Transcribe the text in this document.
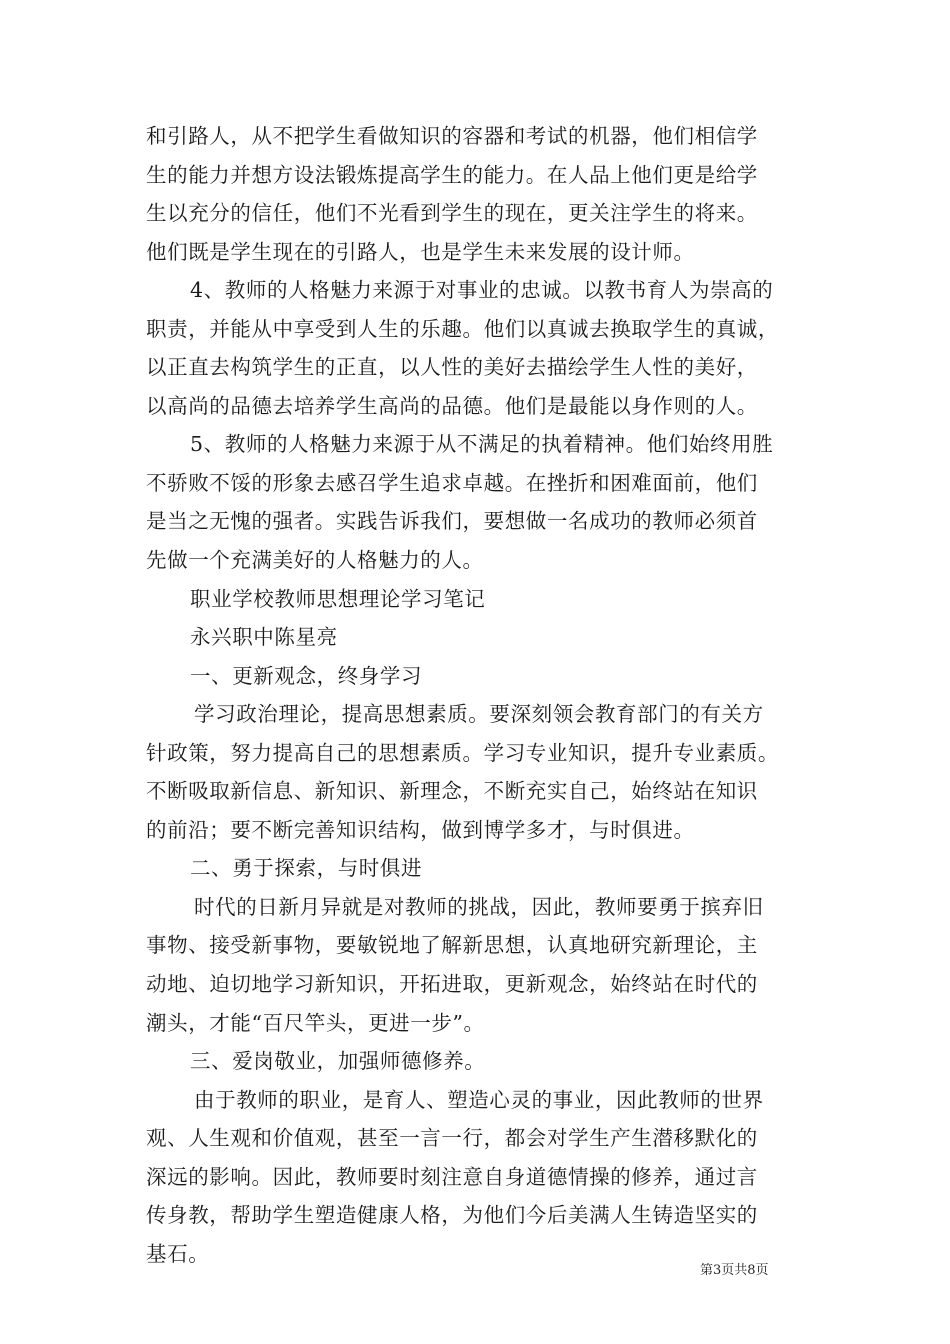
和引路人，从不把学生看做知识的容器和考试的机器，他们相信学
生的能力并想方设法锻炼提高学生的能力。在人品上他们更是给学
生以充分的信任，他们不光看到学生的现在，更关注学生的将来。
他们既是学生现在的引路人，也是学生未来发展的设计师。
4、教师的人格魅力来源于对事业的忠诚。以教书育人为崇高的
职责，并能从中享受到人生的乐趣。他们以真诚去换取学生的真诚，
以正直去构筑学生的正直，以人性的美好去描绘学生人性的美好，
以高尚的品德去培养学生高尚的品德。他们是最能以身作则的人。
5、教师的人格魅力来源于从不满足的执着精神。他们始终用胜
不骄败不馁的形象去感召学生追求卓越。在挫折和困难面前，他们
是当之无愧的强者。实践告诉我们，要想做一名成功的教师必须首
先做一个充满美好的人格魅力的人。
职业学校教师思想理论学习笔记
永兴职中陈星亮
一、更新观念，终身学习
学习政治理论，提高思想素质。要深刻领会教育部门的有关方
针政策，努力提高自己的思想素质。学习专业知识，提升专业素质。
不断吸取新信息、新知识、新理念，不断充实自己，始终站在知识
的前沿；要不断完善知识结构，做到博学多才，与时俱进。
二、勇于探索，与时俱进
时代的日新月异就是对教师的挑战，因此，教师要勇于摈弃旧
事物、接受新事物，要敏锐地了解新思想，认真地研究新理论，主
动地、迫切地学习新知识，开拓进取，更新观念，始终站在时代的
潮头，才能“百尺竿头，更进一步”。
三、爱岗敬业，加强师德修养。
由于教师的职业，是育人、塑造心灵的事业，因此教师的世界
观、人生观和价值观，甚至一言一行，都会对学生产生潜移默化的
深远的影响。因此，教师要时刻注意自身道德情操的修养，通过言
传身教，帮助学生塑造健康人格，为他们今后美满人生铸造坚实的
基石。
第3页共8页
